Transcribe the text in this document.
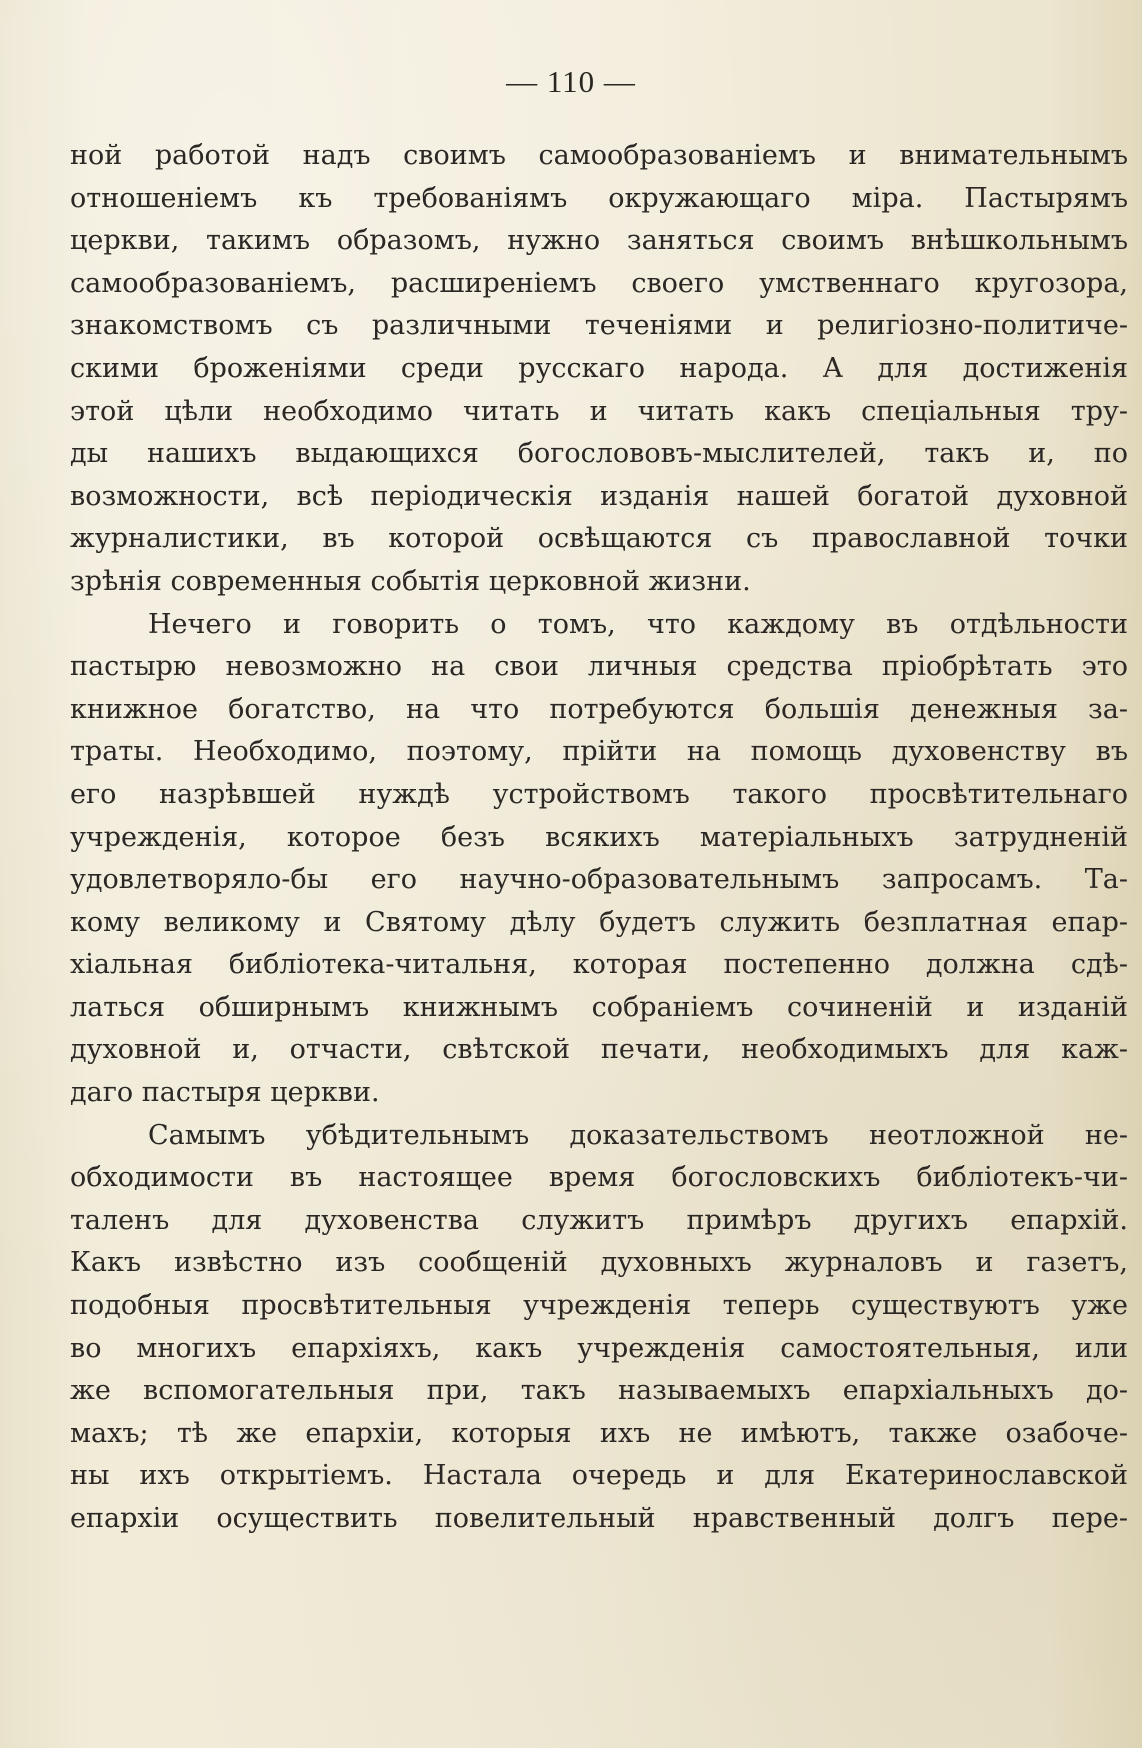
— 110 —
ной работой надъ своимъ самообразованіемъ и внимательнымъ
отношеніемъ къ требованіямъ окружающаго міра. Пастырямъ
церкви, такимъ образомъ, нужно заняться своимъ внѣшкольнымъ
самообразованіемъ, расширеніемъ своего умственнаго кругозора,
знакомствомъ съ различными теченіями и религіозно-политиче-
скими броженіями среди русскаго народа. А для достиженія
этой цѣли необходимо читать и читать какъ спеціальныя тру-
ды нашихъ выдающихся богослововъ-мыслителей, такъ и, по
возможности, всѣ періодическія изданія нашей богатой духовной
журналистики, въ которой освѣщаются съ православной точки
зрѣнія современныя событія церковной жизни.
Нечего и говорить о томъ, что каждому въ отдѣльности
пастырю невозможно на свои личныя средства пріобрѣтать это
книжное богатство, на что потребуются большія денежныя за-
траты. Необходимо, поэтому, прійти на помощь духовенству въ
его назрѣвшей нуждѣ устройствомъ такого просвѣтительнаго
учрежденія, которое безъ всякихъ матеріальныхъ затрудненій
удовлетворяло-бы его научно-образовательнымъ запросамъ. Та-
кому великому и Святому дѣлу будетъ служить безплатная епар-
хіальная библіотека-читальня, которая постепенно должна сдѣ-
латься обширнымъ книжнымъ собраніемъ сочиненій и изданій
духовной и, отчасти, свѣтской печати, необходимыхъ для каж-
даго пастыря церкви.
Самымъ убѣдительнымъ доказательствомъ неотложной не-
обходимости въ настоящее время богословскихъ библіотекъ-чи-
таленъ для духовенства служитъ примѣръ другихъ епархій.
Какъ извѣстно изъ сообщеній духовныхъ журналовъ и газетъ,
подобныя просвѣтительныя учрежденія теперь существуютъ уже
во многихъ епархіяхъ, какъ учрежденія самостоятельныя, или
же вспомогательныя при, такъ называемыхъ епархіальныхъ до-
махъ; тѣ же епархіи, которыя ихъ не имѣютъ, также озабоче-
ны ихъ открытіемъ. Настала очередь и для Екатеринославской
епархіи осуществить повелительный нравственный долгъ пере-
